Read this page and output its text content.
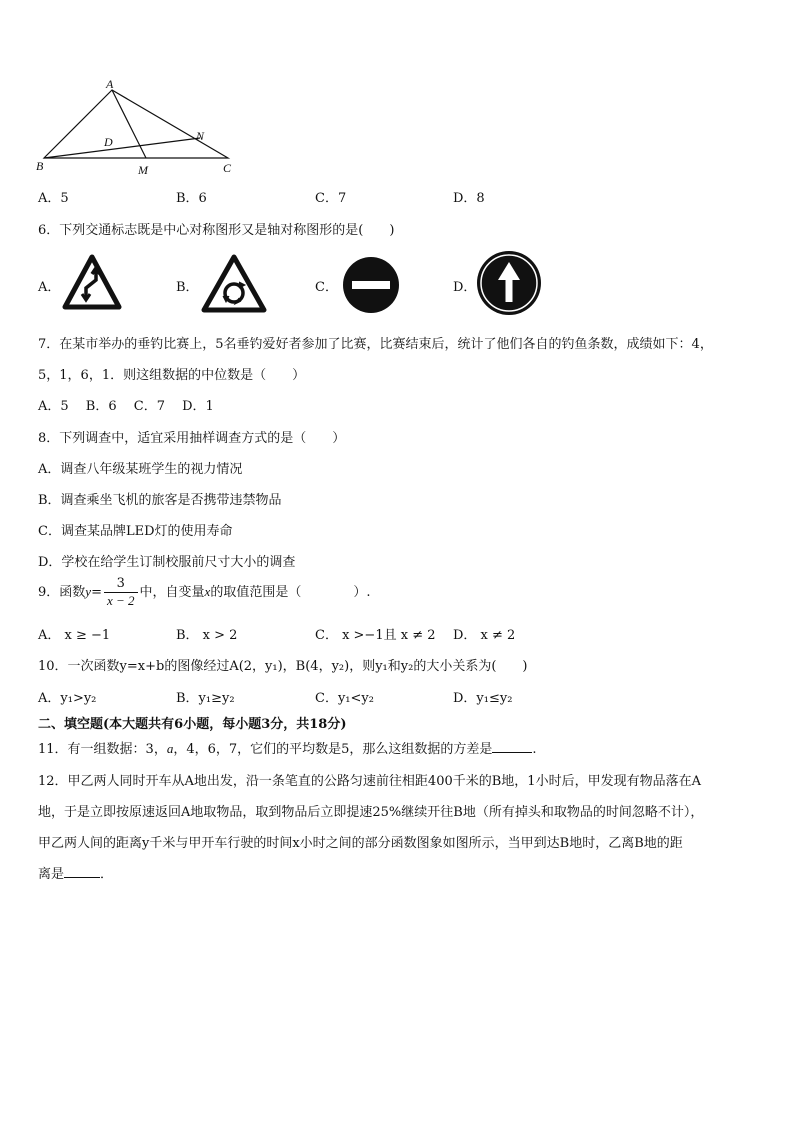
A
B	C
D
M
N
A．5	B．6	C．7	D．8
6．下列交通标志既是中心对称图形又是轴对称图形的是(　　)
A．	B．	C．	D．
7．在某市举办的垂钓比赛上，5名垂钓爱好者参加了比赛，比赛结束后，统计了他们各自的钓鱼条数，成绩如下：4，
5，1，6，1．则这组数据的中位数是（　　）
A．5　 B．6　 C．7　 D．1
8．下列调查中，适宜采用抽样调查方式的是（　　）
A．调查八年级某班学生的视力情况
B．调查乘坐飞机的旅客是否携带违禁物品
C．调查某品牌LED灯的使用寿命
D．学校在给学生订制校服前尺寸大小的调查
9．函数$y= \frac{3}{x - 2}$ 中，自变量x的取值范围是（　　　　）.
A． x ≥ −1	B． x > 2	C． x >−1且 x ≠ 2 D． x ≠ 2
10．一次函数y=x+b的图像经过A(2，y₁)，B(4，y₂)，则y₁和y₂的大小关系为(　　)
A．y₁>y₂	B．y₁≥y₂	C．y₁<y₂	D．y₁≤y₂
二、填空题(本大题共有6小题，每小题3分，共18分)
11．有一组数据：3，a，4，6，7，它们的平均数是5，那么这组数据的方差是	.
12．甲乙两人同时开车从A地出发，沿一条笔直的公路匀速前往相距400千米的B地，1小时后，甲发现有物品落在A
地，于是立即按原速返回A地取物品，取到物品后立即提速25%继续开往B地（所有掉头和取物品的时间忽略不计），
甲乙两人间的距离y千米与甲开车行驶的时间x小时之间的部分函数图象如图所示，当甲到达B地时，乙离B地的距
离是	．
